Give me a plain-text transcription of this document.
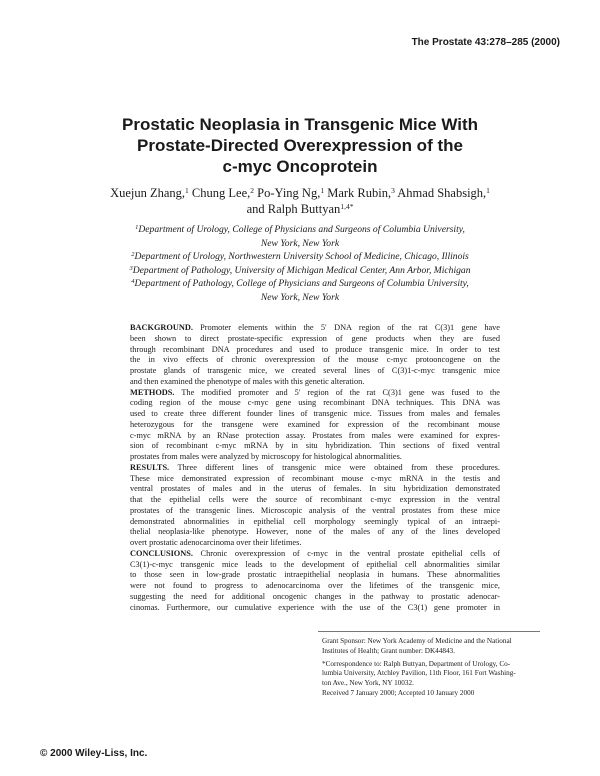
The Prostate 43:278–285 (2000)
Prostatic Neoplasia in Transgenic Mice With
Prostate-Directed Overexpression of the
c-myc Oncoprotein
Xuejun Zhang,$^1$ Chung Lee,$^2$ Po-Ying Ng,$^1$ Mark Rubin,$^3$ Ahmad Shabsigh,$^1$
and Ralph Buttyan$^{1,4*}$
$^1$Department of Urology, College of Physicians and Surgeons of Columbia University,
New York, New York
$^2$Department of Urology, Northwestern University School of Medicine, Chicago, Illinois
$^3$Department of Pathology, University of Michigan Medical Center, Ann Arbor, Michigan
$^4$Department of Pathology, College of Physicians and Surgeons of Columbia University,
New York, New York
BACKGROUND. Promoter elements within the 5′ DNA region of the rat C(3)1 gene have
been shown to direct prostate-specific expression of gene products when they are fused
through recombinant DNA procedures and used to produce transgenic mice. In order to test
the in vivo effects of chronic overexpression of the mouse c-myc protooncogene on the
prostate glands of transgenic mice, we created several lines of C(3)1-c-myc transgenic mice
and then examined the phenotype of males with this genetic alteration.
METHODS. The modified promoter and 5′ region of the rat C(3)1 gene was fused to the
coding region of the mouse c-myc gene using recombinant DNA techniques. This DNA was
used to create three different founder lines of transgenic mice. Tissues from males and females
heterozygous for the transgene were examined for expression of the recombinant mouse
c-myc mRNA by an RNase protection assay. Prostates from males were examined for expres-
sion of recombinant c-myc mRNA by in situ hybridization. Thin sections of fixed ventral
prostates from males were analyzed by microscopy for histological abnormalities.
RESULTS. Three different lines of transgenic mice were obtained from these procedures.
These mice demonstrated expression of recombinant mouse c-myc mRNA in the testis and
ventral prostates of males and in the uterus of females. In situ hybridization demonstrated
that the epithelial cells were the source of recombinant c-myc expression in the ventral
prostates of the transgenic lines. Microscopic analysis of the ventral prostates from these mice
demonstrated abnormalities in epithelial cell morphology seemingly typical of an intraepi-
thelial neoplasia-like phenotype. However, none of the males of any of the lines developed
overt prostatic adenocarcinoma over their lifetimes.
CONCLUSIONS. Chronic overexpression of c-myc in the ventral prostate epithelial cells of
C3(1)-c-myc transgenic mice leads to the development of epithelial cell abnormalities similar
to those seen in low-grade prostatic intraepithelial neoplasia in humans. These abnormalities
were not found to progress to adenocarcinoma over the lifetimes of the transgenic mice,
suggesting the need for additional oncogenic changes in the pathway to prostatic adenocar-
cinomas. Furthermore, our cumulative experience with the use of the C3(1) gene promoter in
Grant Sponsor: New York Academy of Medicine and the National
Institutes of Health; Grant number: DK44843.
*Correspondence to: Ralph Buttyan, Department of Urology, Co-
lumbia University, Atchley Pavilion, 11th Floor, 161 Fort Washing-
ton Ave., New York, NY 10032.
Received 7 January 2000; Accepted 10 January 2000
© 2000 Wiley-Liss, Inc.
